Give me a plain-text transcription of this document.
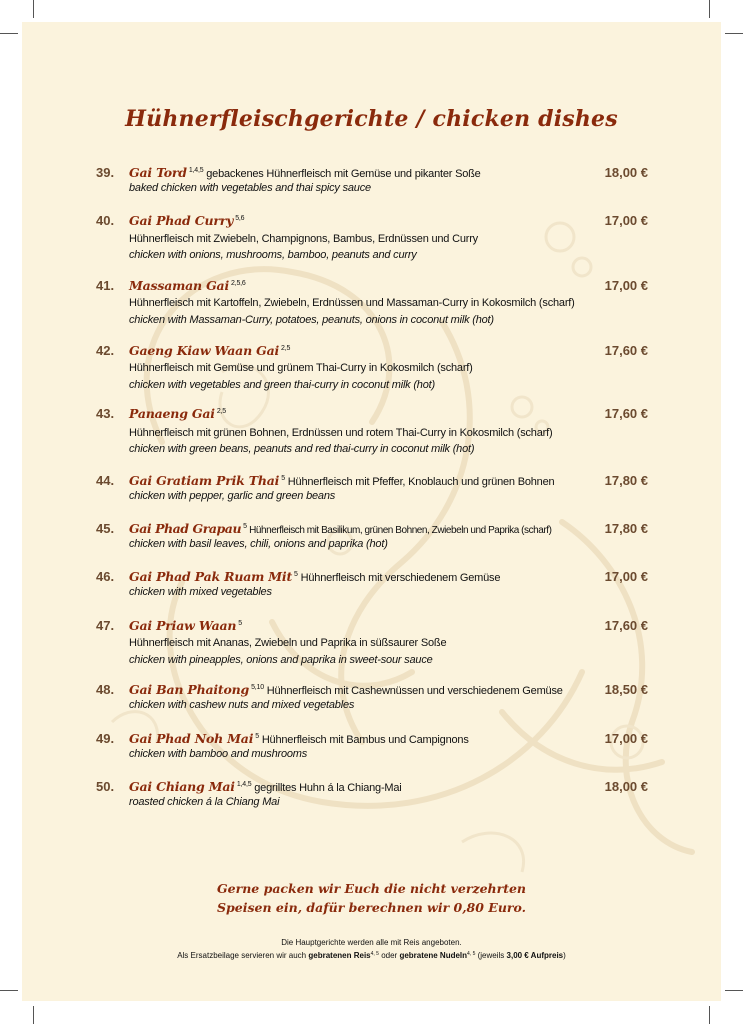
Hühnerfleischgerichte / chicken dishes
39. Gai Tord $^{1,4,5}$ gebackenes Hühnerfleisch mit Gemüse und pikanter Soße	18,00 €
baked chicken with vegetables and thai spicy sauce
40. Gai Phad Curry $^{5,6}$	17,00 €
Hühnerfleisch mit Zwiebeln, Champignons, Bambus, Erdnüssen und Curry
chicken with onions, mushrooms, bamboo, peanuts and curry
41. Massaman Gai $^{2,5,6}$	17,00 €
Hühnerfleisch mit Kartoffeln, Zwiebeln, Erdnüssen und Massaman-Curry in Kokosmilch (scharf)
chicken with Massaman-Curry, potatoes, peanuts, onions in coconut milk (hot)
42. Gaeng Kiaw Waan Gai $^{2,5}$	17,60 €
Hühnerfleisch mit Gemüse und grünem Thai-Curry in Kokosmilch (scharf)
chicken with vegetables and green thai-curry in coconut milk (hot)
43. Panaeng Gai $^{2,5}$	17,60 €
Hühnerfleisch mit grünen Bohnen, Erdnüssen und rotem Thai-Curry in Kokosmilch (scharf)
chicken with green beans, peanuts and red thai-curry in coconut milk (hot)
44. Gai Gratiam Prik Thai $^5$ Hühnerfleisch mit Pfeffer, Knoblauch und grünen Bohnen	17,80 €
chicken with pepper, garlic and green beans
45. Gai Phad Grapau $^5$ Hühnerfleisch mit Basilikum, grünen Bohnen, Zwiebeln und Paprika (scharf)	17,80 €
chicken with basil leaves, chili, onions and paprika (hot)
46. Gai Phad Pak Ruam Mit $^5$ Hühnerfleisch mit verschiedenem Gemüse	17,00 €
chicken with mixed vegetables
47. Gai Priaw Waan $^5$	17,60 €
Hühnerfleisch mit Ananas, Zwiebeln und Paprika in süßsaurer Soße
chicken with pineapples, onions and paprika in sweet-sour sauce
48. Gai Ban Phaitong $^{5,10}$ Hühnerfleisch mit Cashewnüssen und verschiedenem Gemüse	18,50 €
chicken with cashew nuts and mixed vegetables
49. Gai Phad Noh Mai $^5$ Hühnerfleisch mit Bambus und Campignons	17,00 €
chicken with bamboo and mushrooms
50. Gai Chiang Mai $^{1,4,5}$ gegrilltes Huhn á la Chiang-Mai	18,00 €
roasted chicken á la Chiang Mai
Gerne packen wir Euch die nicht verzehrten
Speisen ein, dafür berechnen wir 0,80 Euro.
Die Hauptgerichte werden alle mit Reis angeboten.
Als Ersatzbeilage servieren wir auch gebratenen Reis$^{4, 5}$ oder gebratene Nudeln$^{4, 5}$ (jeweils 3,00 € Aufpreis)
